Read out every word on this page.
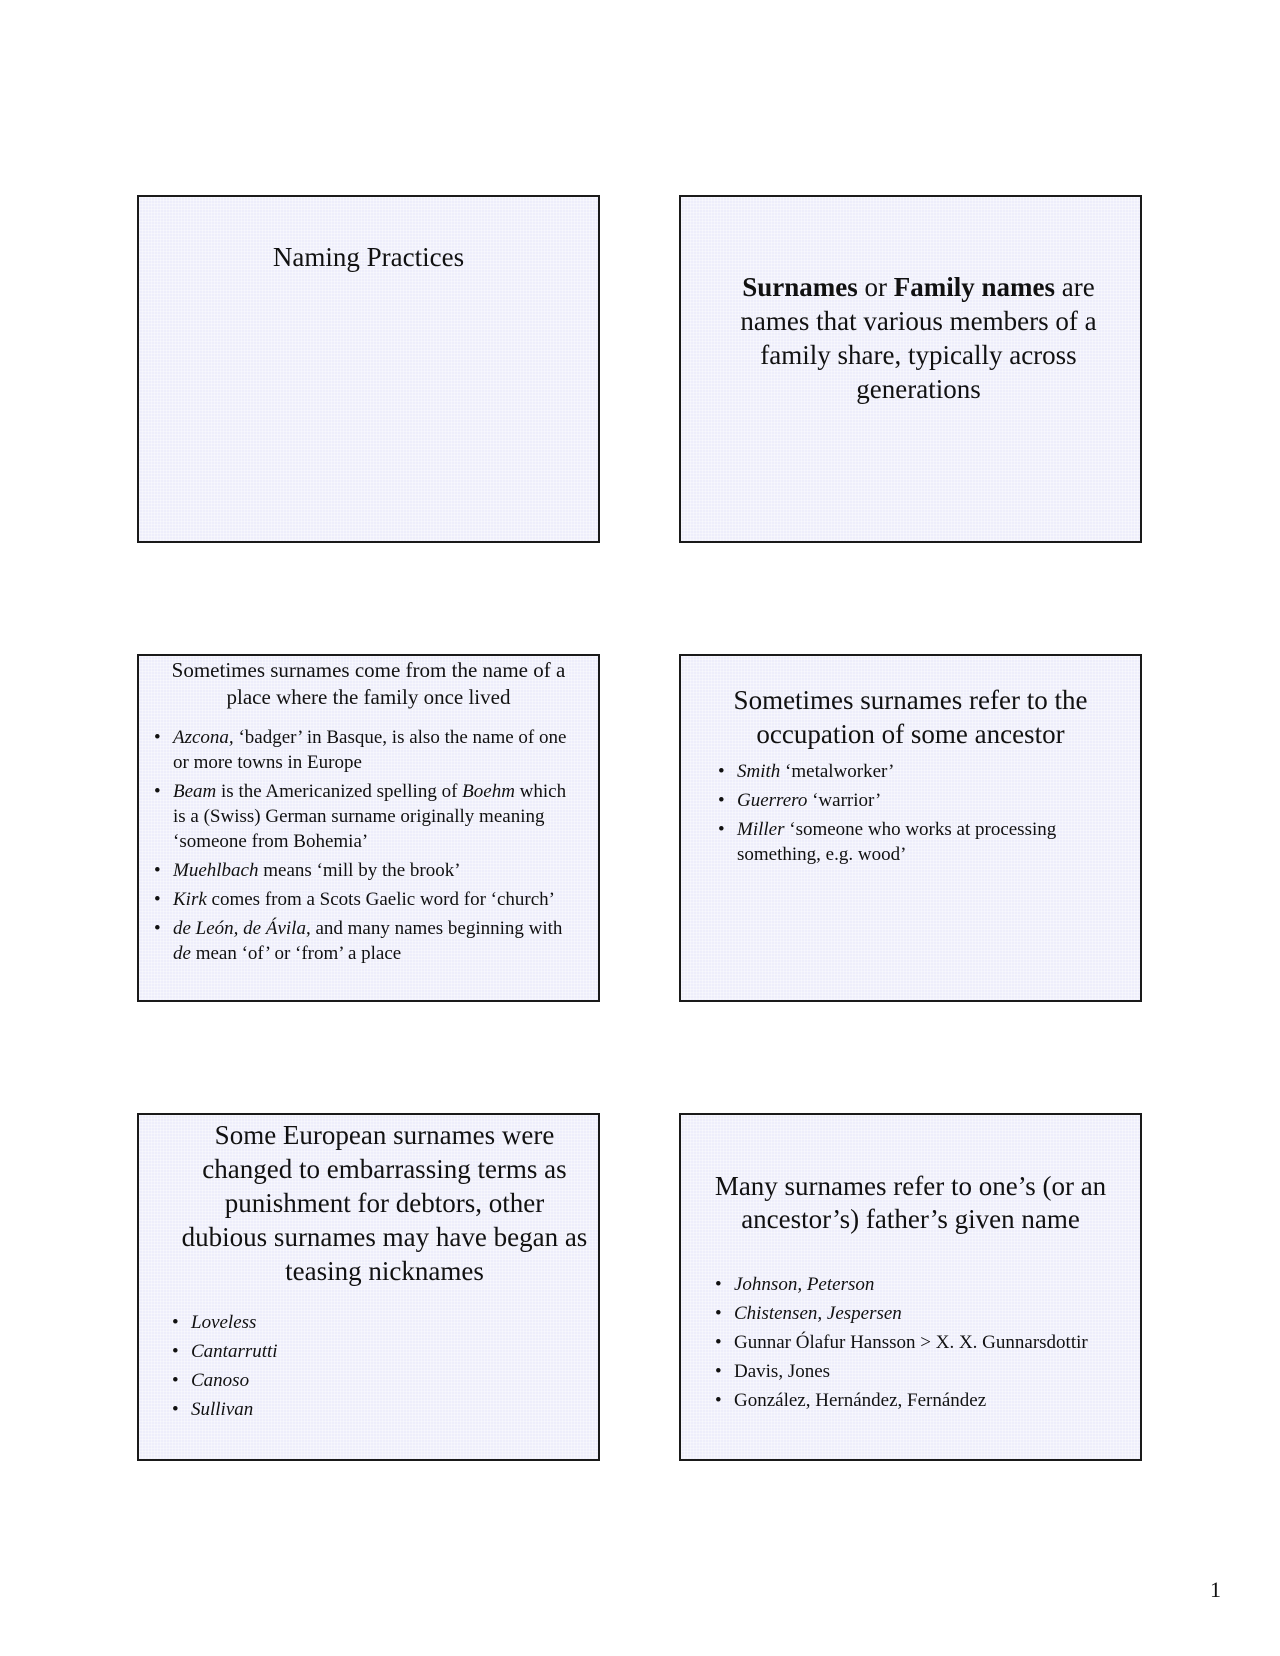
Naming Practices

Surnames or Family names are names that various members of a family share, typically across generations

Sometimes surnames come from the name of a place where the family once lived
• Azcona, ‘badger’ in Basque, is also the name of one or more towns in Europe
• Beam is the Americanized spelling of Boehm which is a (Swiss) German surname originally meaning ‘someone from Bohemia’
• Muehlbach means ‘mill by the brook’
• Kirk comes from a Scots Gaelic word for ‘church’
• de León, de Ávila, and many names beginning with de mean ‘of’ or ‘from’ a place
Sometimes surnames refer to the occupation of some ancestor
• Smith ‘metalworker’
• Guerrero ‘warrior’
• Miller ‘someone who works at processing something, e.g. wood’
Some European surnames were changed to embarrassing terms as punishment for debtors, other dubious surnames may have began as teasing nicknames
• Loveless
• Cantarrutti
• Canoso
• Sullivan
Many surnames refer to one’s (or an ancestor’s) father’s given name
• Johnson, Peterson
• Chistensen, Jespersen
• Gunnar Ólafur Hansson > X. X. Gunnarsdottir
• Davis, Jones
• González, Hernández, Fernández
1
